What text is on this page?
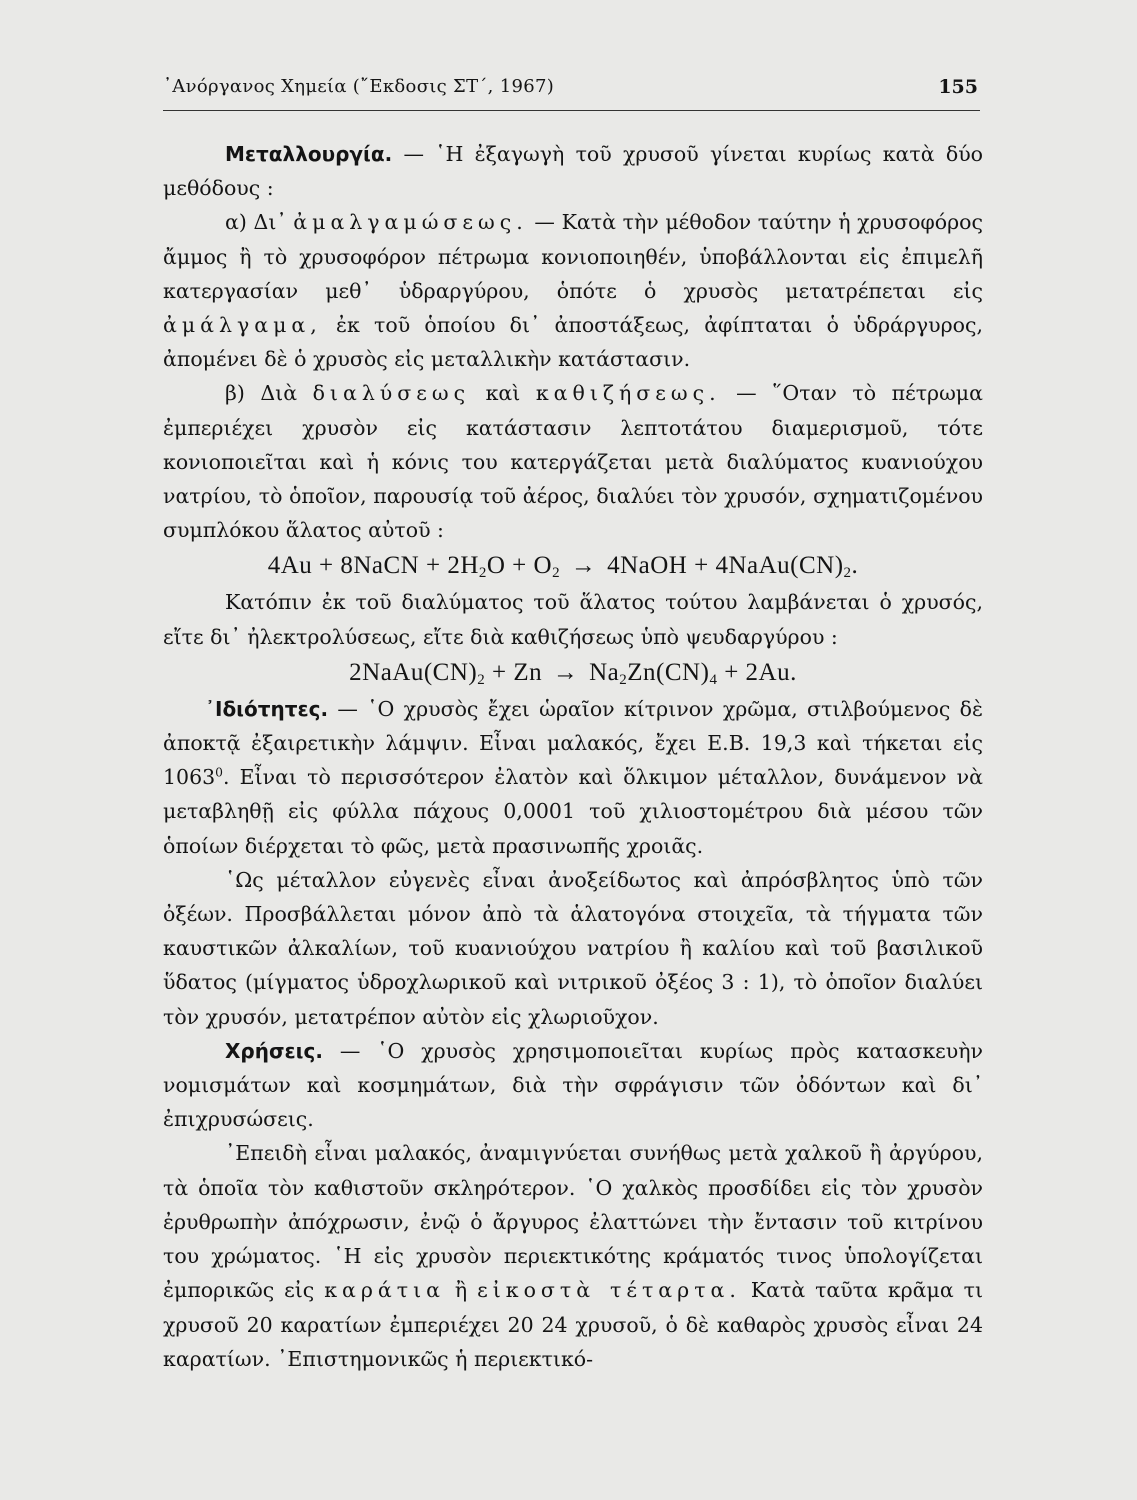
᾿Ανόργανος Χημεία (῎Εκδοσις ΣΤ΄, 1967)	155

Μεταλλουργία. — ῾Η ἐξαγωγὴ τοῦ χρυσοῦ γίνεται κυρίως κατὰ δύο μεθόδους :

α) Δι᾿ ἀμαλγαμώσεως. — Κατὰ τὴν μέθοδον ταύτην ἡ χρυσοφόρος ἄμμος ἢ τὸ χρυσοφόρον πέτρωμα κονιοποιηθέν, ὑποβάλλονται εἰς ἐπιμελῆ κατεργασίαν μεθ᾿ ὑδραργύρου, ὁπότε ὁ χρυσὸς μετατρέπεται εἰς ἀμάλγαμα, ἐκ τοῦ ὁποίου δι᾿ ἀποστάξεως, ἀφίπταται ὁ ὑδράργυρος, ἀπομένει δὲ ὁ χρυσὸς εἰς μεταλλικὴν κατάστασιν.

β) Διὰ διαλύσεως καὶ καθιζήσεως. — ῞Οταν τὸ πέτρωμα ἐμπεριέχει χρυσὸν εἰς κατάστασιν λεπτοτάτου διαμερισμοῦ, τότε κονιοποιεῖται καὶ ἡ κόνις του κατεργάζεται μετὰ διαλύματος κυανιούχου νατρίου, τὸ ὁποῖον, παρουσίᾳ τοῦ ἀέρος, διαλύει τὸν χρυσόν, σχηματιζομένου συμπλόκου ἅλατος αὐτοῦ :

4Au + 8NaCN + $2H_2O + O_2$ → 4NaOH + $4NaAu(CN)_2$.

Κατόπιν ἐκ τοῦ διαλύματος τοῦ ἅλατος τούτου λαμβάνεται ὁ χρυσός, εἴτε δι᾿ ἠλεκτρολύσεως, εἴτε διὰ καθιζήσεως ὑπὸ ψευδαργύρου :

$2NaAu(CN)_2 + Zn \to Na_2Zn(CN)_4 + 2Au$.

᾿Ιδιότητες. — ῾Ο χρυσὸς ἔχει ὡραῖον κίτρινον χρῶμα, στιλβούμενος δὲ ἀποκτᾷ ἐξαιρετικὴν λάμψιν. Εἶναι μαλακός, ἔχει Ε.Β. 19,3 καὶ τήκεται εἰς 1063$^0$. Εἶναι τὸ περισσότερον ἐλατὸν καὶ ὅλκιμον μέταλλον, δυνάμενον νὰ μεταβληθῇ εἰς φύλλα πάχους 0,0001 τοῦ χιλιοστομέτρου διὰ μέσου τῶν ὁποίων διέρχεται τὸ φῶς, μετὰ πρασινωπῆς χροιᾶς.

῾Ως μέταλλον εὐγενὲς εἶναι ἀνοξείδωτος καὶ ἀπρόσβλητος ὑπὸ τῶν ὀξέων. Προσβάλλεται μόνον ἀπὸ τὰ ἁλατογόνα στοιχεῖα, τὰ τήγματα τῶν καυστικῶν ἀλκαλίων, τοῦ κυανιούχου νατρίου ἢ καλίου καὶ τοῦ βασιλικοῦ ὕδατος (μίγματος ὑδροχλωρικοῦ καὶ νιτρικοῦ ὀξέος 3 : 1), τὸ ὁποῖον διαλύει τὸν χρυσόν, μετατρέπον αὐτὸν εἰς χλωριοῦχον.

Χρήσεις. — ῾Ο χρυσὸς χρησιμοποιεῖται κυρίως πρὸς κατασκευὴν νομισμάτων καὶ κοσμημάτων, διὰ τὴν σφράγισιν τῶν ὀδόντων καὶ δι᾿ ἐπιχρυσώσεις.

᾿Επειδὴ εἶναι μαλακός, ἀναμιγνύεται συνήθως μετὰ χαλκοῦ ἢ ἀργύρου, τὰ ὁποῖα τὸν καθιστοῦν σκληρότερον. ῾Ο χαλκὸς προσδίδει εἰς τὸν χρυσὸν ἐρυθρωπὴν ἀπόχρωσιν, ἐνῷ ὁ ἄργυρος ἐλαττώνει τὴν ἔντασιν τοῦ κιτρίνου του χρώματος. ῾Η εἰς χρυσὸν περιεκτικότης κράματός τινος ὑπολογίζεται ἐμπορικῶς εἰς καράτια ἢ εἰκοστὰ τέταρτα. Κατὰ ταῦτα κρᾶμα τι χρυσοῦ 20 καρατίων ἐμπεριέχει 20 24 χρυσοῦ, ὁ δὲ καθαρὸς χρυσὸς εἶναι 24 καρατίων. ᾿Επιστημονικῶς ἡ περιεκτικό-
